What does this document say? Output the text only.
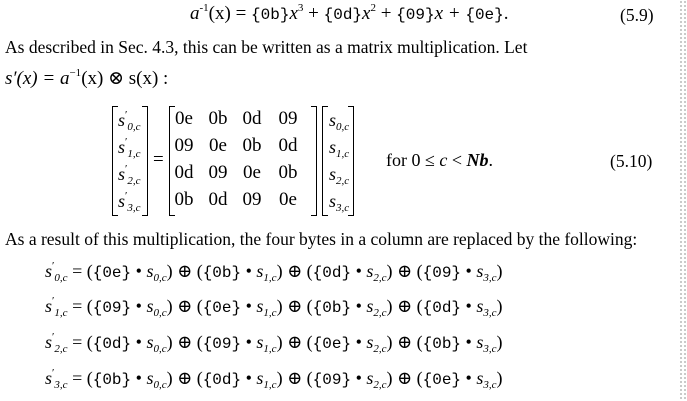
$a^{-1}(x) = \{0b\}x^3 + \{0d\}x^2 + \{09\}x + \{0e\}$.	(5.9)
As described in Sec. 4.3, this can be written as a matrix multiplication. Let
$s'(x) = a^{-1}(x)$ ⊗ s(x) :
$s'_{0,c}$
$s'_{1,c}$
$s'_{2,c}$
$s'_{3,c}$
=
0e 0b 0d 09
09 0e 0b 0d
0d 09 0e 0b
0b 0d 09 0e
$s_{0,c}$
$s_{1,c}$
$s_{2,c}$
$s_{3,c}$
for 0 ≤ c < Nb.	(5.10)
As a result of this multiplication, the four bytes in a column are replaced by the following:
$s'_{0,c} = (\{0e\}$ • $s_{0,c}$) ⊕ ({0b} • $s_{1,c}$) ⊕ ({0d} • $s_{2,c}$) ⊕ ({09} • $s_{3,c}$)
$s'_{1,c} = (\{09\}$ • $s_{0,c}$) ⊕ ({0e} • $s_{1,c}$) ⊕ ({0b} • $s_{2,c}$) ⊕ ({0d} • $s_{3,c}$)
$s'_{2,c} = (\{0d\}$ • $s_{0,c}$) ⊕ ({09} • $s_{1,c}$) ⊕ ({0e} • $s_{2,c}$) ⊕ ({0b} • $s_{3,c}$)
$s'_{3,c} = (\{0b\}$ • $s_{0,c}$) ⊕ ({0d} • $s_{1,c}$) ⊕ ({09} • $s_{2,c}$) ⊕ ({0e} • $s_{3,c}$)
